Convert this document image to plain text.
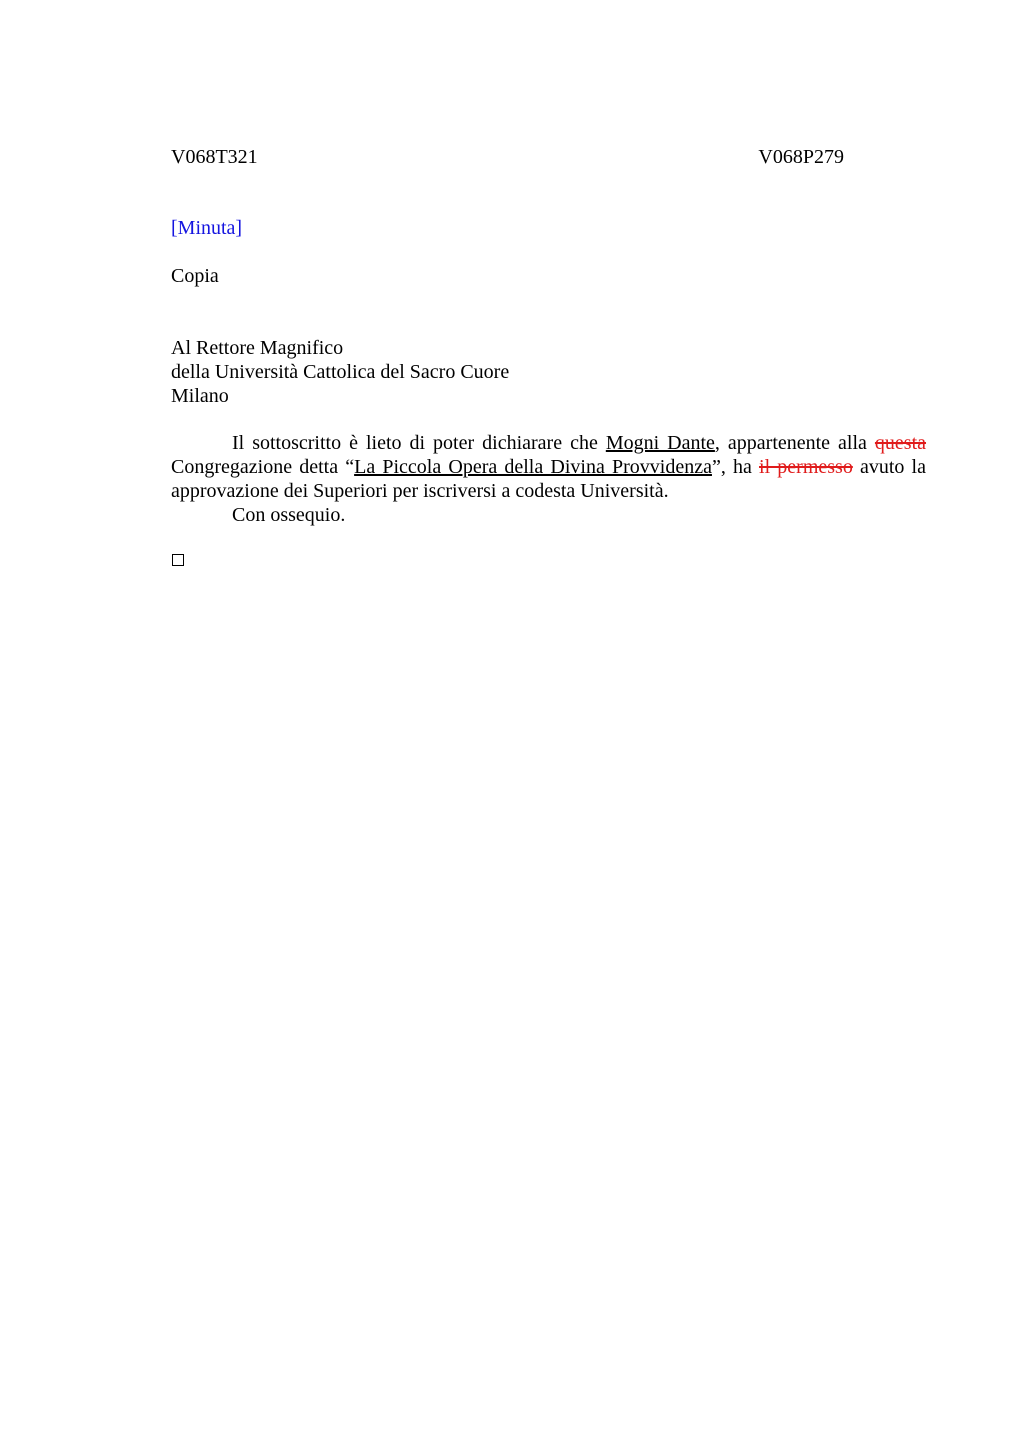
V068T321	V068P279
[Minuta]
Copia
Al Rettore Magnifico
della Università Cattolica del Sacro Cuore
Milano

Il sottoscritto è lieto di poter dichiarare che Mogni Dante, appartenente alla questa Congregazione detta “La Piccola Opera della Divina Provvidenza”, ha il permesso avuto la approvazione dei Superiori per iscriversi a codesta Università.

Con ossequio.
